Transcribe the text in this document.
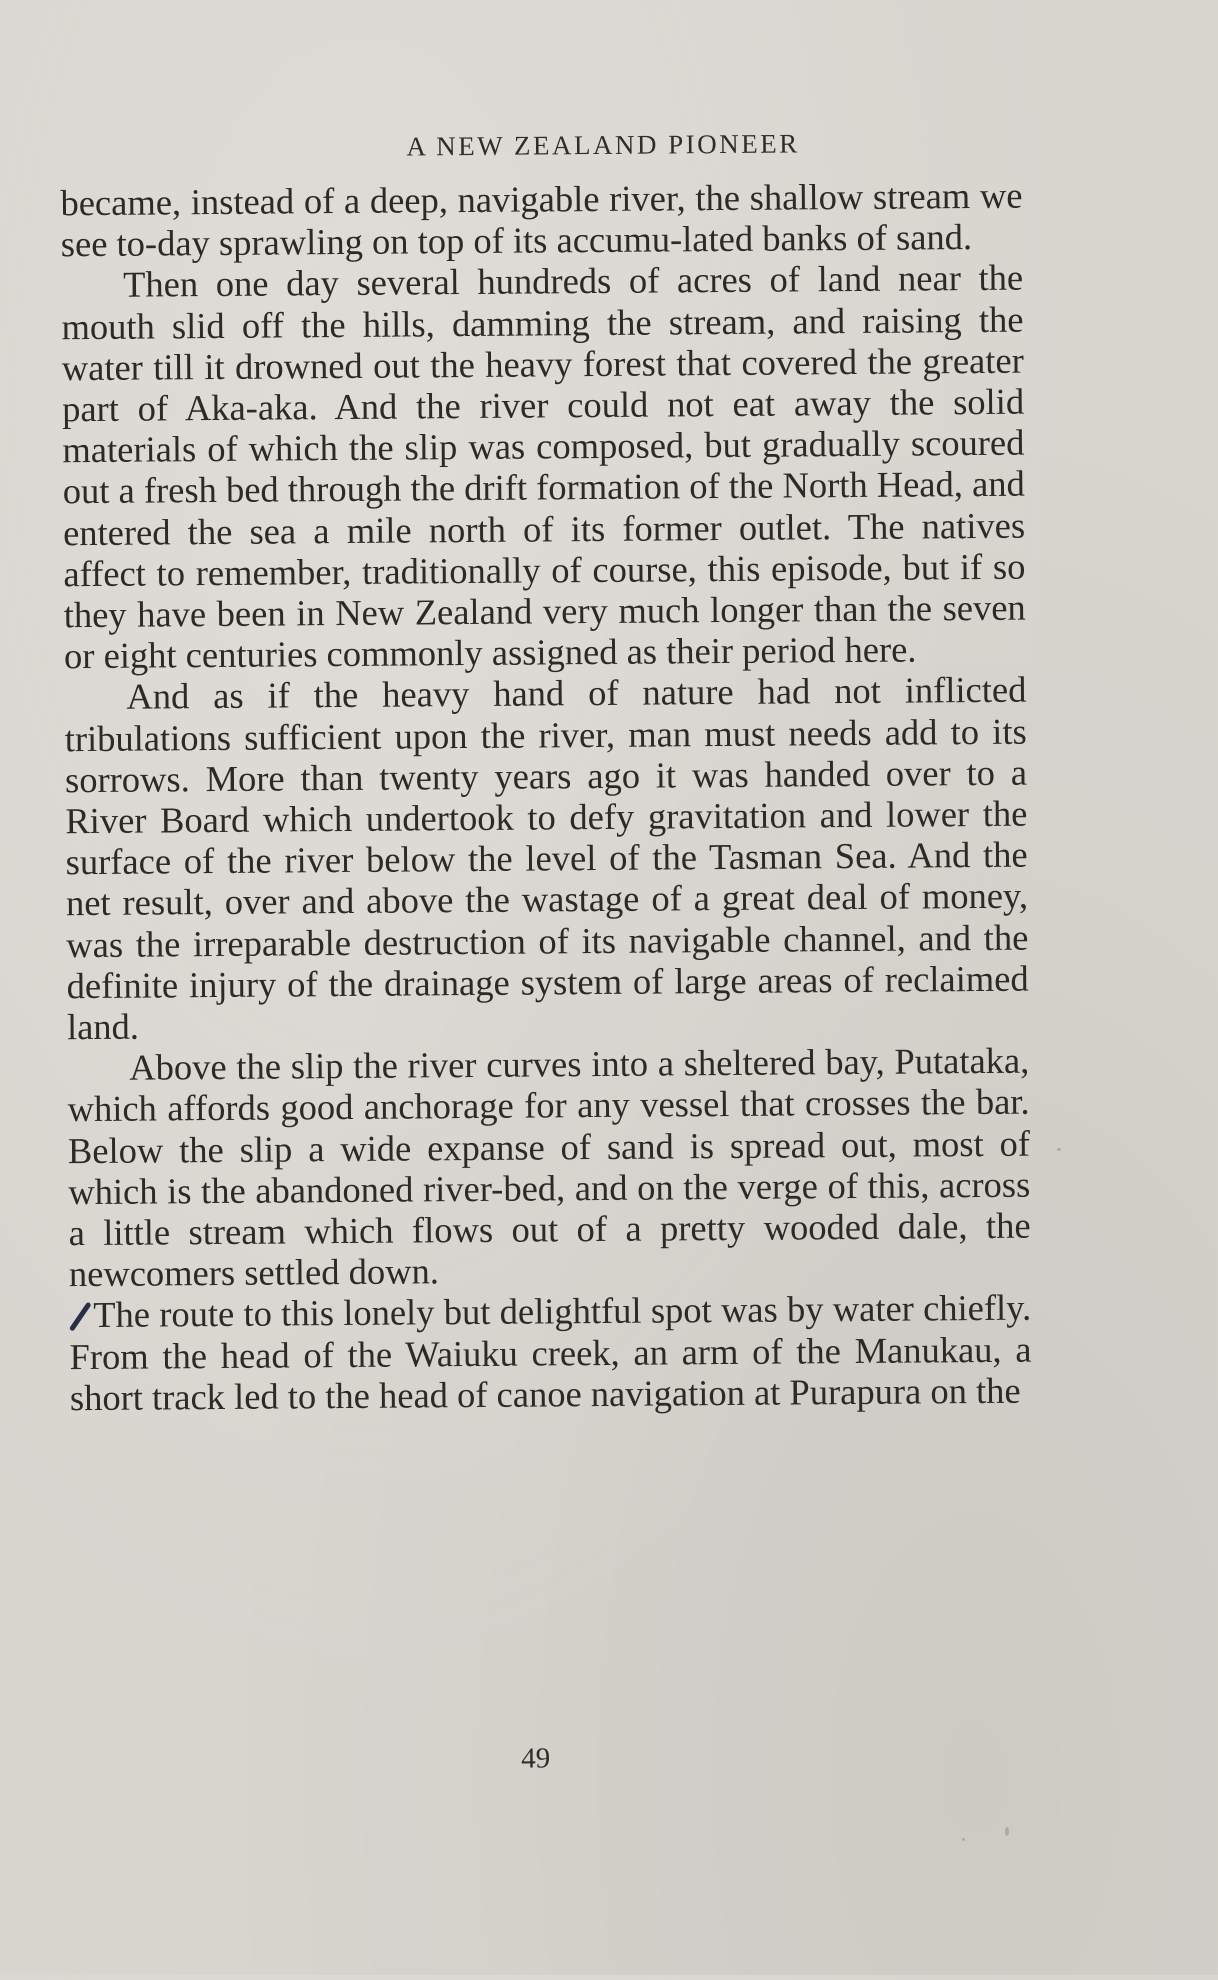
A NEW ZEALAND PIONEER

became, instead of a deep, navigable river, the shallow stream we see to-day sprawling on top of its accumu-lated banks of sand.

Then one day several hundreds of acres of land near the mouth slid off the hills, damming the stream, and raising the water till it drowned out the heavy forest that covered the greater part of Aka-aka. And the river could not eat away the solid materials of which the slip was composed, but gradually scoured out a fresh bed through the drift formation of the North Head, and entered the sea a mile north of its former outlet. The natives affect to remember, traditionally of course, this episode, but if so they have been in New Zealand very much longer than the seven or eight centuries commonly assigned as their period here.

And as if the heavy hand of nature had not inflicted tribulations sufficient upon the river, man must needs add to its sorrows. More than twenty years ago it was handed over to a River Board which undertook to defy gravitation and lower the surface of the river below the level of the Tasman Sea. And the net result, over and above the wastage of a great deal of money, was the irreparable destruction of its navigable channel, and the definite injury of the drainage system of large areas of reclaimed land.

Above the slip the river curves into a sheltered bay, Putataka, which affords good anchorage for any vessel that crosses the bar. Below the slip a wide expanse of sand is spread out, most of which is the abandoned river-bed, and on the verge of this, across a little stream which flows out of a pretty wooded dale, the newcomers settled down.

The route to this lonely but delightful spot was by water chiefly. From the head of the Waiuku creek, an arm of the Manukau, a short track led to the head of canoe navigation at Purapura on the

49
